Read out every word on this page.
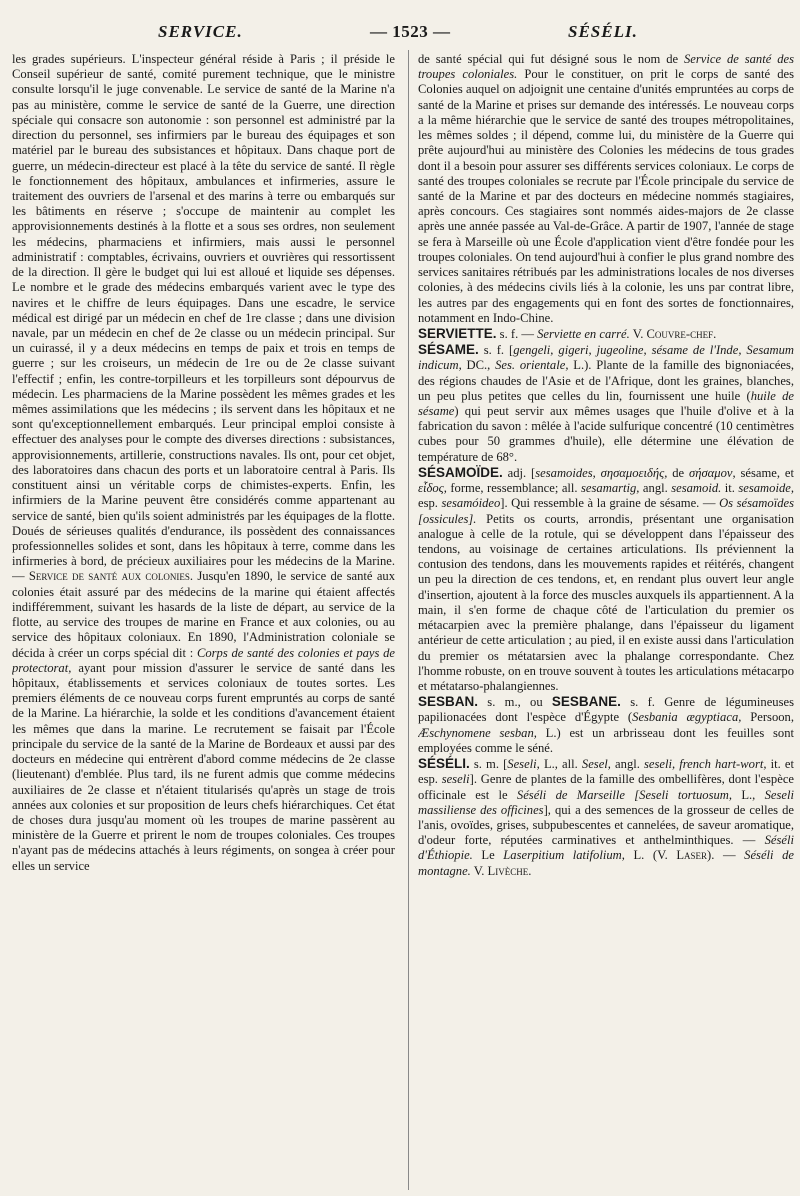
SERVICE.	— 1523 —	SÉSÉLI.

les grades supérieurs. L'inspecteur général réside à Paris ; il préside le Conseil supérieur de santé, comité purement technique, que le ministre consulte lorsqu'il le juge convenable. Le service de santé de la Marine n'a pas au ministère, comme le service de santé de la Guerre, une direction spéciale qui consacre son autonomie : son personnel est administré par la direction du personnel, ses infirmiers par le bureau des équipages et son matériel par le bureau des subsistances et hôpitaux. Dans chaque port de guerre, un médecin-directeur est placé à la tête du service de santé. Il règle le fonctionnement des hôpitaux, ambulances et infirmeries, assure le traitement des ouvriers de l'arsenal et des marins à terre ou embarqués sur les bâtiments en réserve ; s'occupe de maintenir au complet les approvisionnements destinés à la flotte et a sous ses ordres, non seulement les médecins, pharmaciens et infirmiers, mais aussi le personnel administratif : comptables, écrivains, ouvriers et ouvrières qui ressortissent de la direction. Il gère le budget qui lui est alloué et liquide ses dépenses. Le nombre et le grade des médecins embarqués varient avec le type des navires et le chiffre de leurs équipages. Dans une escadre, le service médical est dirigé par un médecin en chef de 1re classe ; dans une division navale, par un médecin en chef de 2e classe ou un médecin principal. Sur un cuirassé, il y a deux médecins en temps de paix et trois en temps de guerre ; sur les croiseurs, un médecin de 1re ou de 2e classe suivant l'effectif ; enfin, les contre-torpilleurs et les torpilleurs sont dépourvus de médecin. Les pharmaciens de la Marine possèdent les mêmes grades et les mêmes assimilations que les médecins ; ils servent dans les hôpitaux et ne sont qu'exceptionnellement embarqués. Leur principal emploi consiste à effectuer des analyses pour le compte des diverses directions : subsistances, approvisionnements, artillerie, constructions navales. Ils ont, pour cet objet, des laboratoires dans chacun des ports et un laboratoire central à Paris. Ils constituent ainsi un véritable corps de chimistes-experts. Enfin, les infirmiers de la Marine peuvent être considérés comme appartenant au service de santé, bien qu'ils soient administrés par les équipages de la flotte. Doués de sérieuses qualités d'endurance, ils possèdent des connaissances professionnelles solides et sont, dans les hôpitaux à terre, comme dans les infirmeries à bord, de précieux auxiliaires pour les médecins de la Marine. — Service de santé aux colonies. Jusqu'en 1890, le service de santé aux colonies était assuré par des médecins de la marine qui étaient affectés indifféremment, suivant les hasards de la liste de départ, au service de la flotte, au service des troupes de marine en France et aux colonies, ou au service des hôpitaux coloniaux. En 1890, l'Administration coloniale se décida à créer un corps spécial dit : Corps de santé des colonies et pays de protectorat, ayant pour mission d'assurer le service de santé dans les hôpitaux, établissements et services coloniaux de toutes sortes. Les premiers éléments de ce nouveau corps furent empruntés au corps de santé de la Marine. La hiérarchie, la solde et les conditions d'avancement étaient les mêmes que dans la marine. Le recrutement se faisait par l'École principale du service de la santé de la Marine de Bordeaux et aussi par des docteurs en médecine qui entrèrent d'abord comme médecins de 2e classe (lieutenant) d'emblée. Plus tard, ils ne furent admis que comme médecins auxiliaires de 2e classe et n'étaient titularisés qu'après un stage de trois années aux colonies et sur proposition de leurs chefs hiérarchiques. Cet état de choses dura jusqu'au moment où les troupes de marine passèrent au ministère de la Guerre et prirent le nom de troupes coloniales. Ces troupes n'ayant pas de médecins attachés à leurs régiments, on songea à créer pour elles un service

de santé spécial qui fut désigné sous le nom de Service de santé des troupes coloniales. Pour le constituer, on prit le corps de santé des Colonies auquel on adjoignit une centaine d'unités empruntées au corps de santé de la Marine et prises sur demande des intéressés. Le nouveau corps a la même hiérarchie que le service de santé des troupes métropolitaines, les mêmes soldes ; il dépend, comme lui, du ministère de la Guerre qui prête aujourd'hui au ministère des Colonies les médecins de tous grades dont il a besoin pour assurer ses différents services coloniaux. Le corps de santé des troupes coloniales se recrute par l'École principale du service de santé de la Marine et par des docteurs en médecine nommés stagiaires, après concours. Ces stagiaires sont nommés aides-majors de 2e classe après une année passée au Val-de-Grâce. A partir de 1907, l'année de stage se fera à Marseille où une École d'application vient d'être fondée pour les troupes coloniales. On tend aujourd'hui à confier le plus grand nombre des services sanitaires rétribués par les administrations locales de nos diverses colonies, à des médecins civils liés à la colonie, les uns par contrat libre, les autres par des engagements qui en font des sortes de fonctionnaires, notamment en Indo-Chine.

SERVIETTE. s. f. — Serviette en carré. V. Couvre-chef.

SÉSAME. s. f. [gengeli, gigeri, jugeoline, sésame de l'Inde, Sesamum indicum, DC., Ses. orientale, L.). Plante de la famille des bignoniacées, des régions chaudes de l'Asie et de l'Afrique, dont les graines, blanches, un peu plus petites que celles du lin, fournissent une huile (huile de sésame) qui peut servir aux mêmes usages que l'huile d'olive et à la fabrication du savon : mêlée à l'acide sulfurique concentré (10 centimètres cubes pour 50 grammes d'huile), elle détermine une élévation de température de 68°.

SÉSAMOÏDE. adj. [sesamoides, σησαμοειδής, de σήσαμον, sésame, et εἶδος, forme, ressemblance; all. sesamartig, angl. sesamoid. it. sesamoide, esp. sesamóideo]. Qui ressemble à la graine de sésame. — Os sésamoïdes [ossicules]. Petits os courts, arrondis, présentant une organisation analogue à celle de la rotule, qui se développent dans l'épaisseur des tendons, au voisinage de certaines articulations. Ils préviennent la contusion des tendons, dans les mouvements rapides et réitérés, changent un peu la direction de ces tendons, et, en rendant plus ouvert leur angle d'insertion, ajoutent à la force des muscles auxquels ils appartiennent. A la main, il s'en forme de chaque côté de l'articulation du premier os métacarpien avec la première phalange, dans l'épaisseur du ligament antérieur de cette articulation ; au pied, il en existe aussi dans l'articulation du premier os métatarsien avec la phalange correspondante. Chez l'homme robuste, on en trouve souvent à toutes les articulations métacarpo et métatarso-phalangiennes.

SESBAN. s. m., ou SESBANE. s. f. Genre de légumineuses papilionacées dont l'espèce d'Égypte (Sesbania ægyptiaca, Persoon, Æschynomene sesban, L.) est un arbrisseau dont les feuilles sont employées comme le séné.

SÉSÉLI. s. m. [Seseli, L., all. Sesel, angl. seseli, french hart-wort, it. et esp. seseli]. Genre de plantes de la famille des ombellifères, dont l'espèce officinale est le Séséli de Marseille [Seseli tortuosum, L., Seseli massiliense des officines], qui a des semences de la grosseur de celles de l'anis, ovoïdes, grises, subpubescentes et cannelées, de saveur aromatique, d'odeur forte, réputées carminatives et anthelminthiques. — Séséli d'Éthiopie. Le Laserpitium latifolium, L. (V. Laser). — Séséli de montagne. V. Livèche.
